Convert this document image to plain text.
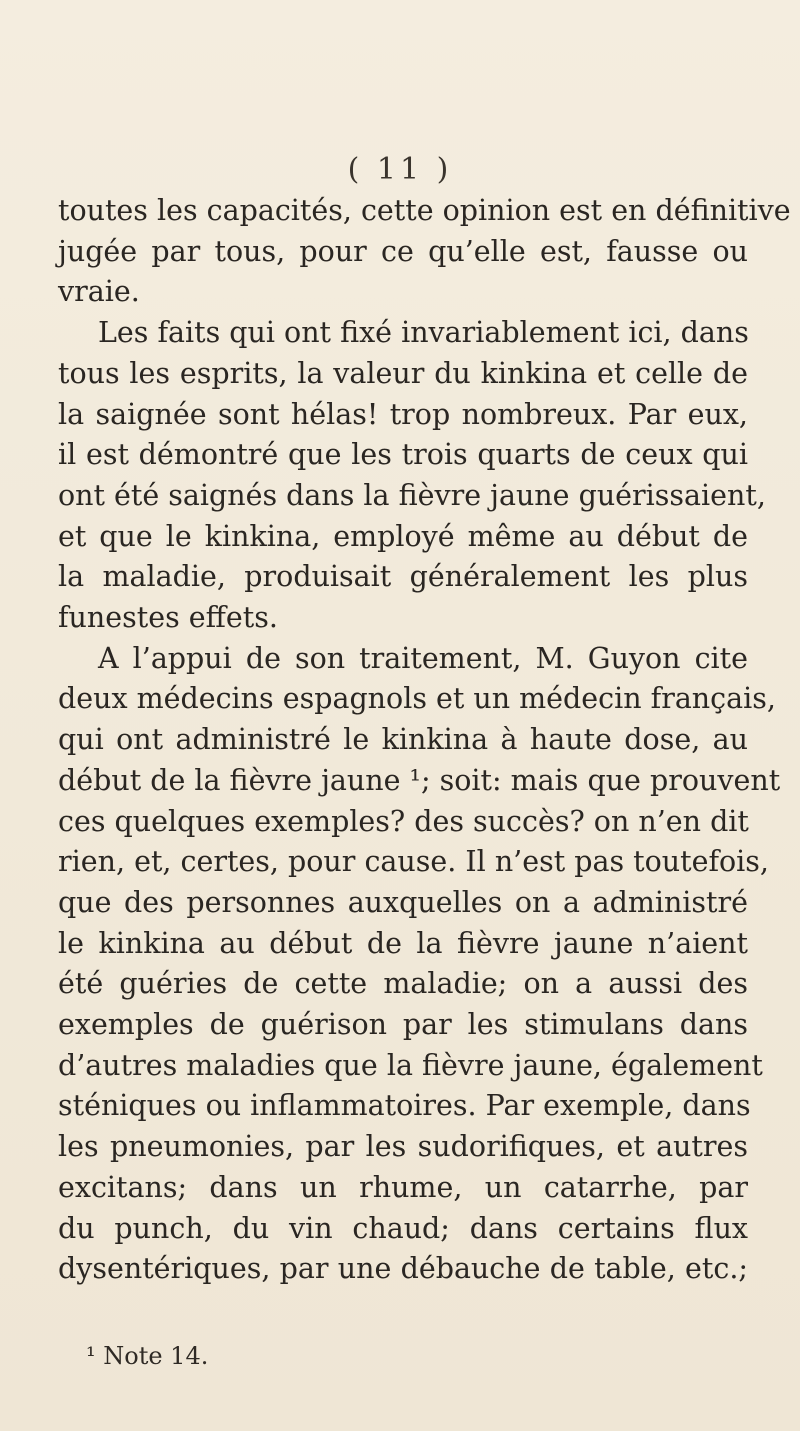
( 11 )
toutes les capacités, cette opinion est en définitive
jugée par tous, pour ce qu’elle est, fausse ou
vraie.
Les faits qui ont fixé invariablement ici, dans
tous les esprits, la valeur du kinkina et celle de
la saignée sont hélas! trop nombreux. Par eux,
il est démontré que les trois quarts de ceux qui
ont été saignés dans la fièvre jaune guérissaient,
et que le kinkina, employé même au début de
la maladie, produisait généralement les plus
funestes effets.
A l’appui de son traitement, M. Guyon cite
deux médecins espagnols et un médecin français,
qui ont administré le kinkina à haute dose, au
début de la fièvre jaune ¹; soit: mais que prouvent
ces quelques exemples? des succès? on n’en dit
rien, et, certes, pour cause. Il n’est pas toutefois,
que des personnes auxquelles on a administré
le kinkina au début de la fièvre jaune n’aient
été guéries de cette maladie; on a aussi des
exemples de guérison par les stimulans dans
d’autres maladies que la fièvre jaune, également
sténiques ou inflammatoires. Par exemple, dans
les pneumonies, par les sudorifiques, et autres
excitans; dans un rhume, un catarrhe, par
du punch, du vin chaud; dans certains flux
dysentériques, par une débauche de table, etc.;
¹ Note 14.
